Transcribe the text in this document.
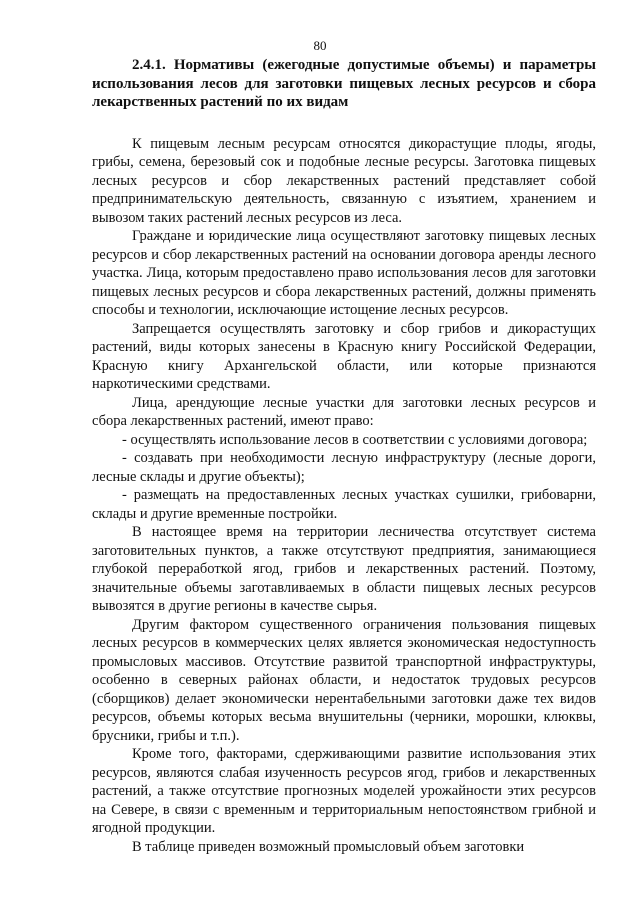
80
2.4.1. Нормативы (ежегодные допустимые объемы) и параметры использования лесов для заготовки пищевых лесных ресурсов и сбора лекарственных растений по их видам

К пищевым лесным ресурсам относятся дикорастущие плоды, ягоды, грибы, семена, березовый сок и подобные лесные ресурсы. Заготовка пищевых лесных ресурсов и сбор лекарственных растений представляет собой предпринимательскую деятельность, связанную с изъятием, хранением и вывозом таких растений лесных ресурсов из леса.

Граждане и юридические лица осуществляют заготовку пищевых лесных ресурсов и сбор лекарственных растений на основании договора аренды лесного участка. Лица, которым предоставлено право использования лесов для заготовки пищевых лесных ресурсов и сбора лекарственных растений, должны применять способы и технологии, исключающие истощение лесных ресурсов.

Запрещается осуществлять заготовку и сбор грибов и дикорастущих растений, виды которых занесены в Красную книгу Российской Федерации, Красную книгу Архангельской области, или которые признаются наркотическими средствами.

Лица, арендующие лесные участки для заготовки лесных ресурсов и сбора лекарственных растений, имеют право:

- осуществлять использование лесов в соответствии с условиями договора;

- создавать при необходимости лесную инфраструктуру (лесные дороги, лесные склады и другие объекты);

- размещать на предоставленных лесных участках сушилки, грибоварни, склады и другие временные постройки.

В настоящее время на территории лесничества отсутствует система заготовительных пунктов, а также отсутствуют предприятия, занимающиеся глубокой переработкой ягод, грибов и лекарственных растений. Поэтому, значительные объемы заготавливаемых в области пищевых лесных ресурсов вывозятся в другие регионы в качестве сырья.

Другим фактором существенного ограничения пользования пищевых лесных ресурсов в коммерческих целях является экономическая недоступность промысловых массивов. Отсутствие развитой транспортной инфраструктуры, особенно в северных районах области, и недостаток трудовых ресурсов (сборщиков) делает экономически нерентабельными заготовки даже тех видов ресурсов, объемы которых весьма внушительны (черники, морошки, клюквы, брусники, грибы и т.п.).

Кроме того, факторами, сдерживающими развитие использования этих ресурсов, являются слабая изученность ресурсов ягод, грибов и лекарственных растений, а также отсутствие прогнозных моделей урожайности этих ресурсов на Севере, в связи с временным и территориальным непостоянством грибной и ягодной продукции.

В таблице приведен возможный промысловый объем заготовки
